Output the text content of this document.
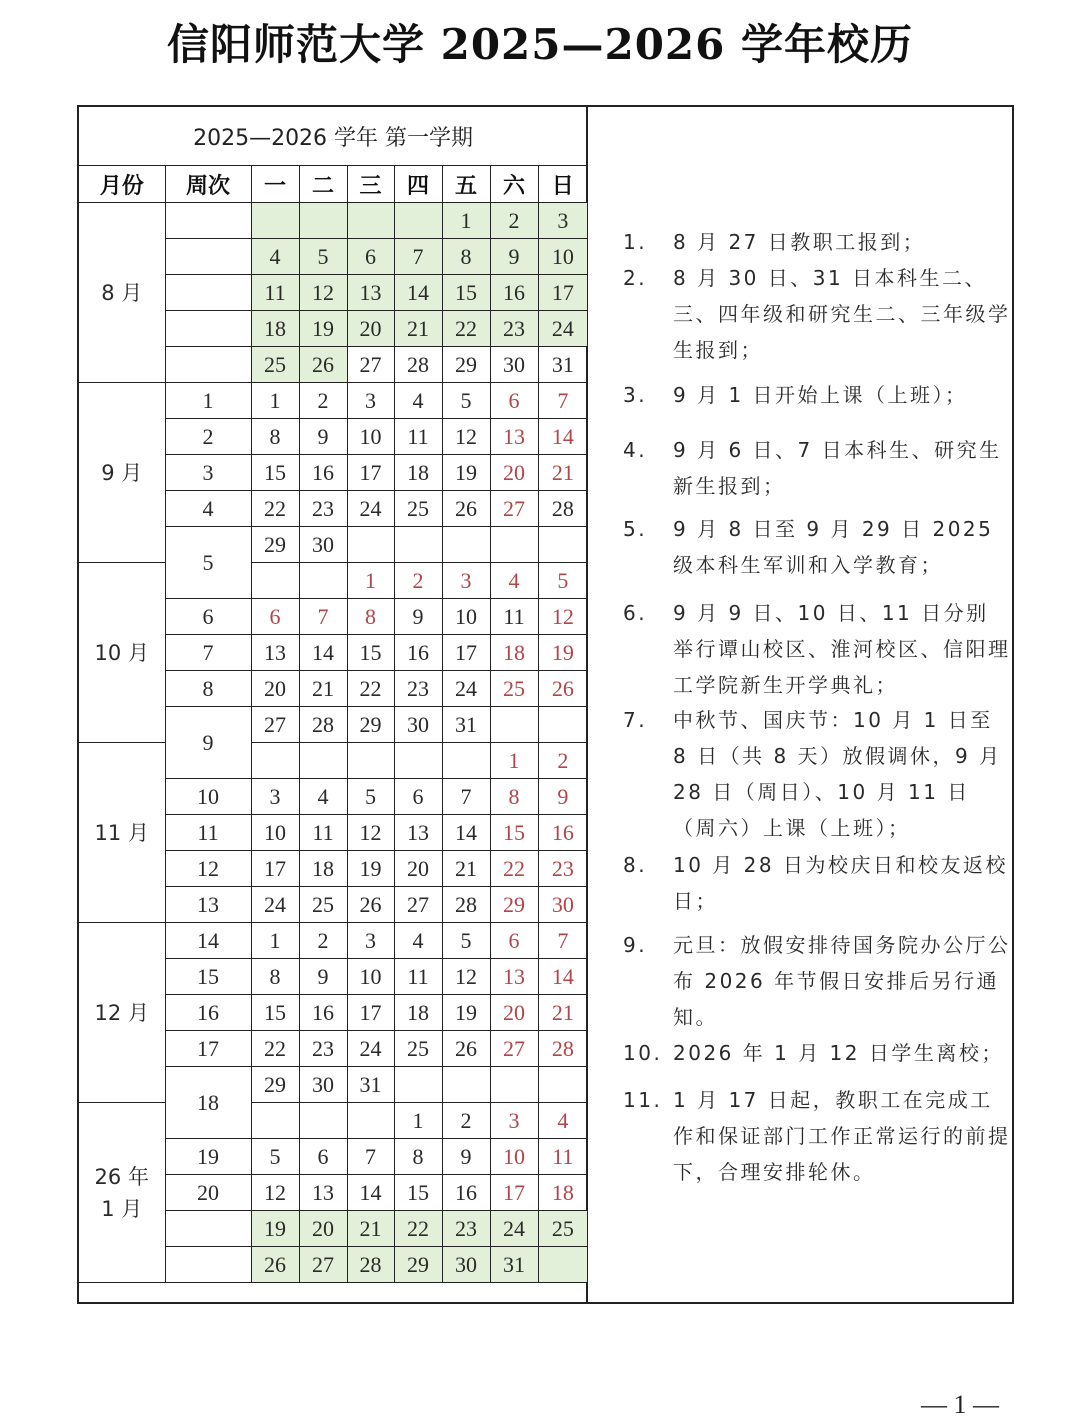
信阳师范大学 2025—2026 学年校历
2025—2026 学年 第一学期								
月份	周次	一	二	三	四	五	六	日
8 月						1	2	3
		4	5	6	7	8	9	10
		11	12	13	14	15	16	17
		18	19	20	21	22	23	24
		25	26	27	28	29	30	31
9 月	1	1	2	3	4	5	6	7
	2	8	9	10	11	12	13	14
	3	15	16	17	18	19	20	21
	4	22	23	24	25	26	27	28
	5	29	30					
10 月				1	2	3	4	5
	6	6	7	8	9	10	11	12
	7	13	14	15	16	17	18	19
	8	20	21	22	23	24	25	26
	9	27	28	29	30	31		
11 月							1	2
	10	3	4	5	6	7	8	9
	11	10	11	12	13	14	15	16
	12	17	18	19	20	21	22	23
	13	24	25	26	27	28	29	30
12 月	14	1	2	3	4	5	6	7
	15	8	9	10	11	12	13	14
	16	15	16	17	18	19	20	21
	17	22	23	24	25	26	27	28
	18	29	30	31				
26 年
1 月					1	2	3	4
	19	5	6	7	8	9	10	11
	20	12	13	14	15	16	17	18
		19	20	21	22	23	24	25
		26	27	28	29	30	31	
1.	8 月 27 日教职工报到；
2.	8 月 30 日、31 日本科生二、三、四年级和研究生二、三年级学生报到；
3.	9 月 1 日开始上课（上班）；
4.	9 月 6 日、7 日本科生、研究生新生报到；
5.	9 月 8 日至 9 月 29 日 2025 级本科生军训和入学教育；
6.	9 月 9 日、10 日、11 日分别举行谭山校区、淮河校区、信阳理工学院新生开学典礼；
7.	中秋节、国庆节：10 月 1 日至 8 日（共 8 天）放假调休，9 月 28 日（周日）、10 月 11 日（周六）上课（上班）；
8.	10 月 28 日为校庆日和校友返校日；
9.	元旦：放假安排待国务院办公厅公布 2026 年节假日安排后另行通知。
10. 2026 年 1 月 12 日学生离校；
11. 1 月 17 日起，教职工在完成工作和保证部门工作正常运行的前提下，合理安排轮休。
— 1 —
